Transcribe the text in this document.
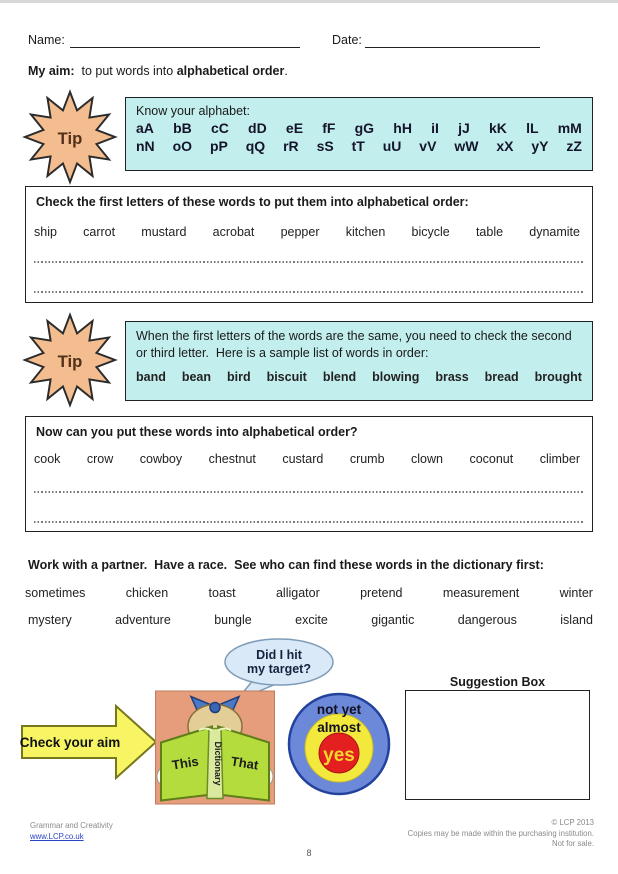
Name:	Date:
My aim:  to put words into alphabetical order.
Tip
Know your alphabet:
aA bB cC dD eE fF gG hH iI jJ kK lL mM
nN oO pP qQ rR sS tT uU vV wW xX yY zZ
Check the first letters of these words to put them into alphabetical order:
ship carrot mustard acrobat pepper kitchen bicycle table dynamite
Tip
When the first letters of the words are the same, you need to check the second or third letter.  Here is a sample list of words in order:
band bean bird biscuit blend blowing brass bread brought
Now can you put these words into alphabetical order?
cook crow cowboy chestnut custard crumb clown coconut climber
Work with a partner.  Have a race.  See who can find these words in the dictionary first:
sometimes	chicken	toast	alligator	pretend	measurement	winter
mystery	adventure	bungle	excite	gigantic	dangerous	island
Did I hit
my target?
Check your aim
This That
Dictionary
not yet
almost
yes
Suggestion Box
Grammar and Creativity
www.LCP.co.uk
© LCP 2013
Copies may be made within the purchasing institution.
Not for sale.
8
